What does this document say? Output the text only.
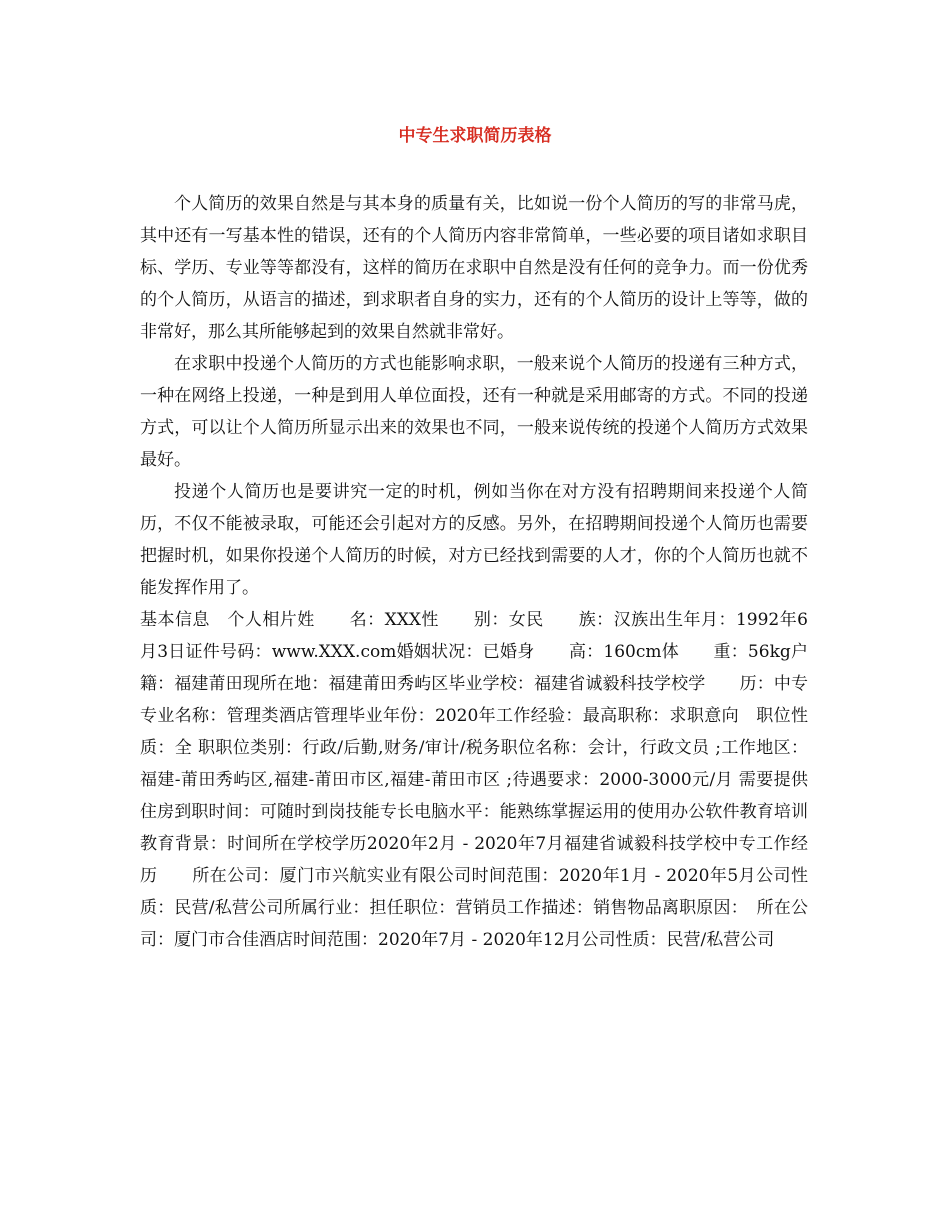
中专生求职简历表格

个人简历的效果自然是与其本身的质量有关，比如说一份个人简历的写的非常马虎，其中还有一写基本性的错误，还有的个人简历内容非常简单，一些必要的项目诸如求职目标、学历、专业等等都没有，这样的简历在求职中自然是没有任何的竞争力。而一份优秀的个人简历，从语言的描述，到求职者自身的实力，还有的个人简历的设计上等等，做的非常好，那么其所能够起到的效果自然就非常好。

在求职中投递个人简历的方式也能影响求职，一般来说个人简历的投递有三种方式，一种在网络上投递，一种是到用人单位面投，还有一种就是采用邮寄的方式。不同的投递方式，可以让个人简历所显示出来的效果也不同，一般来说传统的投递个人简历方式效果最好。

投递个人简历也是要讲究一定的时机，例如当你在对方没有招聘期间来投递个人简历，不仅不能被录取，可能还会引起对方的反感。另外，在招聘期间投递个人简历也需要把握时机，如果你投递个人简历的时候，对方已经找到需要的人才，你的个人简历也就不能发挥作用了。

基本信息　个人相片姓　　名：XXX性　　别：女民　　族：汉族出生年月：1992年6月3日证件号码：www.XXX.com婚姻状况：已婚身　　高：160cm体　　重：56kg户　　籍：福建莆田现所在地：福建莆田秀屿区毕业学校：福建省诚毅科技学校学　　历：中专专业名称：管理类酒店管理毕业年份：2020年工作经验：最高职称：求职意向　职位性质：全 职职位类别：行政/后勤,财务/审计/税务职位名称：会计，行政文员 ;工作地区：福建-莆田秀屿区,福建-莆田市区,福建-莆田市区 ;待遇要求：2000-3000元/月 需要提供住房到职时间：可随时到岗技能专长电脑水平：能熟练掌握运用的使用办公软件教育培训　教育背景：时间所在学校学历2020年2月 - 2020年7月福建省诚毅科技学校中专工作经历　　所在公司：厦门市兴航实业有限公司时间范围：2020年1月 - 2020年5月公司性质：民营/私营公司所属行业：担任职位：营销员工作描述：销售物品离职原因：　所在公司：厦门市合佳酒店时间范围：2020年7月 - 2020年12月公司性质：民营/私营公司
